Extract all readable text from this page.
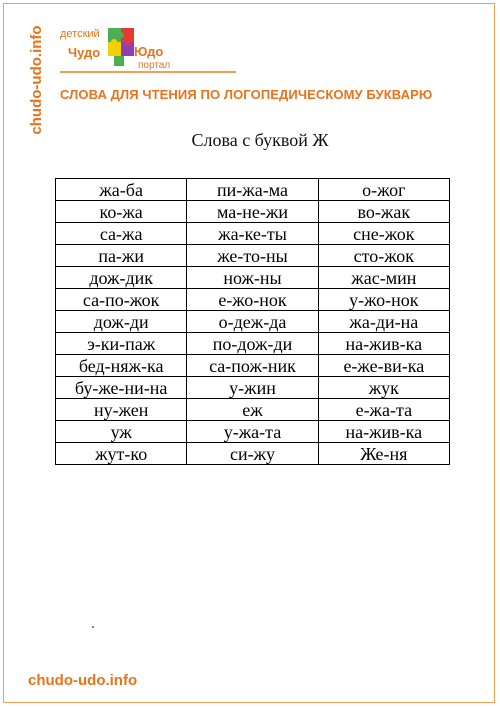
chudo-udo.info детский
Чудо	Юдо
портал
СЛОВА ДЛЯ ЧТЕНИЯ ПО ЛОГОПЕДИЧЕСКОМУ БУКВАРЮ
Слова с буквой Ж
жа-ба	пи-жа-ма	о-жог
ко-жа	ма-не-жи	во-жак
са-жа	жа-ке-ты	сне-жок
па-жи	же-то-ны	сто-жок
дож-дик	нож-ны	жас-мин
са-по-жок	е-жо-нок	у-жо-нок
дож-ди	о-деж-да	жа-ди-на
э-ки-паж	по-дож-ди	на-жив-ка
бед-няж-ка	са-пож-ник	е-же-ви-ка
бу-же-ни-на	у-жин	жук
ну-жен	еж	е-жа-та
уж	у-жа-та	на-жив-ка
жут-ко	си-жу	Же-ня
chudo-udo.info
